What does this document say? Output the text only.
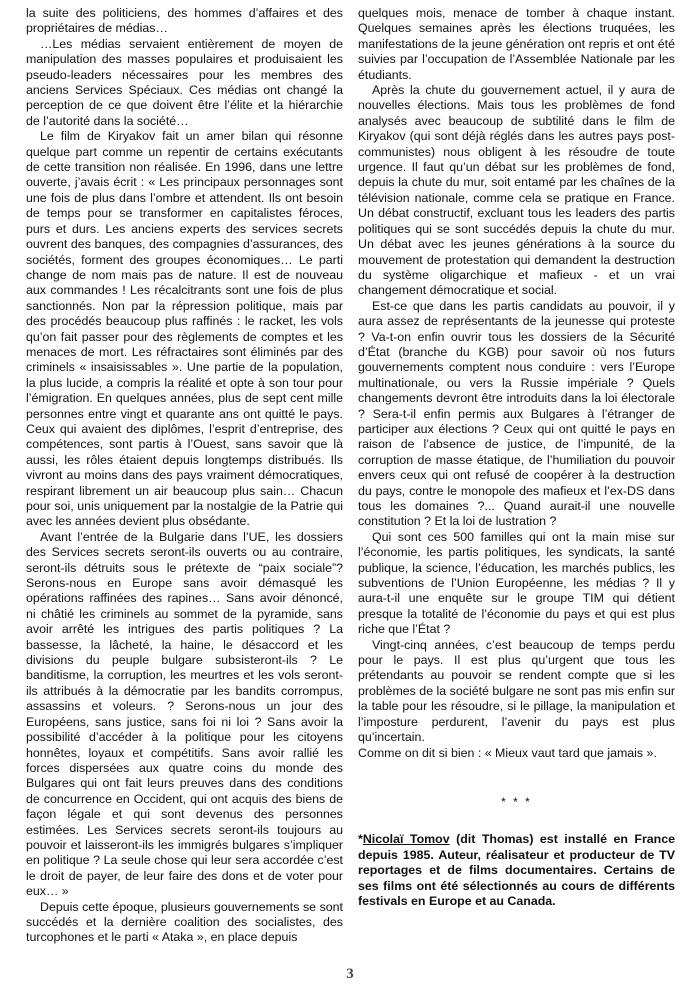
la suite des politiciens, des hommes d’affaires et des propriétaires de médias…

…Les médias servaient entièrement de moyen de manipulation des masses populaires et produisaient les pseudo-leaders nécessaires pour les membres des anciens Services Spéciaux. Ces médias ont changé la perception de ce que doivent être l’élite et la hiérarchie de l’autorité dans la société…

Le film de Kiryakov fait un amer bilan qui résonne quelque part comme un repentir de certains exécutants de cette transition non réalisée. En 1996, dans une lettre ouverte, j’avais écrit : « Les principaux personnages sont une fois de plus dans l’ombre et attendent. Ils ont besoin de temps pour se transformer en capitalistes féroces, purs et durs. Les anciens experts des services secrets ouvrent des banques, des compagnies d’assurances, des sociétés, forment des groupes économiques… Le parti change de nom mais pas de nature. Il est de nouveau aux commandes ! Les récalcitrants sont une fois de plus sanctionnés. Non par la répression politique, mais par des procédés beaucoup plus raffinés : le racket, les vols qu’on fait passer pour des règlements de comptes et les menaces de mort. Les réfractaires sont éliminés par des criminels « insaisissables ». Une partie de la population, la plus lucide, a compris la réalité et opte à son tour pour l’émigration. En quelques années, plus de sept cent mille personnes entre vingt et quarante ans ont quitté le pays. Ceux qui avaient des diplômes, l’esprit d’entreprise, des compétences, sont partis à l’Ouest, sans savoir que là aussi, les rôles étaient depuis longtemps distribués. Ils vivront au moins dans des pays vraiment démocratiques, respirant librement un air beaucoup plus sain… Chacun pour soi, unis uniquement par la nostalgie de la Patrie qui avec les années devient plus obsédante.

Avant l’entrée de la Bulgarie dans l’UE, les dossiers des Services secrets seront-ils ouverts ou au contraire, seront-ils détruits sous le prétexte de “paix sociale”? Serons-nous en Europe sans avoir démasqué les opérations raffinées des rapines… Sans avoir dénoncé, ni châtié les criminels au sommet de la pyramide, sans avoir arrêté les intrigues des partis politiques ? La bassesse, la lâcheté, la haine, le désaccord et les divisions du peuple bulgare subsisteront-ils ? Le banditisme, la corruption, les meurtres et les vols seront-ils attribués à la démocratie par les bandits corrompus, assassins et voleurs. ? Serons-nous un jour des Européens, sans justice, sans foi ni loi ? Sans avoir la possibilité d’accéder à la politique pour les citoyens honnêtes, loyaux et compétitifs. Sans avoir rallié les forces dispersées aux quatre coins du monde des Bulgares qui ont fait leurs preuves dans des conditions de concurrence en Occident, qui ont acquis des biens de façon légale et qui sont devenus des personnes estimées. Les Services secrets seront-ils toujours au pouvoir et laisseront-ils les immigrés bulgares s’impliquer en politique ? La seule chose qui leur sera accordée c’est le droit de payer, de leur faire des dons et de voter pour eux… »

Depuis cette époque, plusieurs gouvernements se sont succédés et la dernière coalition des socialistes, des turcophones et le parti « Ataka », en place depuis

quelques mois, menace de tomber à chaque instant. Quelques semaines après les élections truquées, les manifestations de la jeune génération ont repris et ont été suivies par l’occupation de l’Assemblée Nationale par les étudiants.

Après la chute du gouvernement actuel, il y aura de nouvelles élections. Mais tous les problèmes de fond analysés avec beaucoup de subtilité dans le film de Kiryakov (qui sont déjà réglés dans les autres pays post-communistes) nous obligent à les résoudre de toute urgence. Il faut qu’un débat sur les problèmes de fond, depuis la chute du mur, soit entamé par les chaînes de la télévision nationale, comme cela se pratique en France. Un débat constructif, excluant tous les leaders des partis politiques qui se sont succédés depuis la chute du mur. Un débat avec les jeunes générations à la source du mouvement de protestation qui demandent la destruction du système oligarchique et mafieux - et un vrai changement démocratique et social.

Est-ce que dans les partis candidats au pouvoir, il y aura assez de représentants de la jeunesse qui proteste ? Va-t-on enfin ouvrir tous les dossiers de la Sécurité d’État (branche du KGB) pour savoir où nos futurs gouvernements comptent nous conduire : vers l’Europe multinationale, ou vers la Russie impériale ? Quels changements devront être introduits dans la loi électorale ? Sera-t-il enfin permis aux Bulgares à l’étranger de participer aux élections ? Ceux qui ont quitté le pays en raison de l’absence de justice, de l’impunité, de la corruption de masse étatique, de l’humiliation du pouvoir envers ceux qui ont refusé de coopérer à la destruction du pays, contre le monopole des mafieux et l’ex-DS dans tous les domaines ?... Quand aurait-il une nouvelle constitution ? Et la loi de lustration ?

Qui sont ces 500 familles qui ont la main mise sur l’économie, les partis politiques, les syndicats, la santé publique, la science, l’éducation, les marchés publics, les subventions de l’Union Européenne, les médias ? Il y aura-t-il une enquête sur le groupe TIM qui détient presque la totalité de l’économie du pays et qui est plus riche que l’État ?

Vingt-cinq années, c’est beaucoup de temps perdu pour le pays. Il est plus qu’urgent que tous les prétendants au pouvoir se rendent compte que si les problèmes de la société bulgare ne sont pas mis enfin sur la table pour les résoudre, si le pillage, la manipulation et l’imposture perdurent, l’avenir du pays est plus qu’incertain.

Comme on dit si bien : « Mieux vaut tard que jamais ».

* * *

*Nicolaï Tomov (dit Thomas) est installé en France depuis 1985. Auteur, réalisateur et producteur de TV reportages et de films documentaires. Certains de ses films ont été sélectionnés au cours de différents festivals en Europe et au Canada.

3
